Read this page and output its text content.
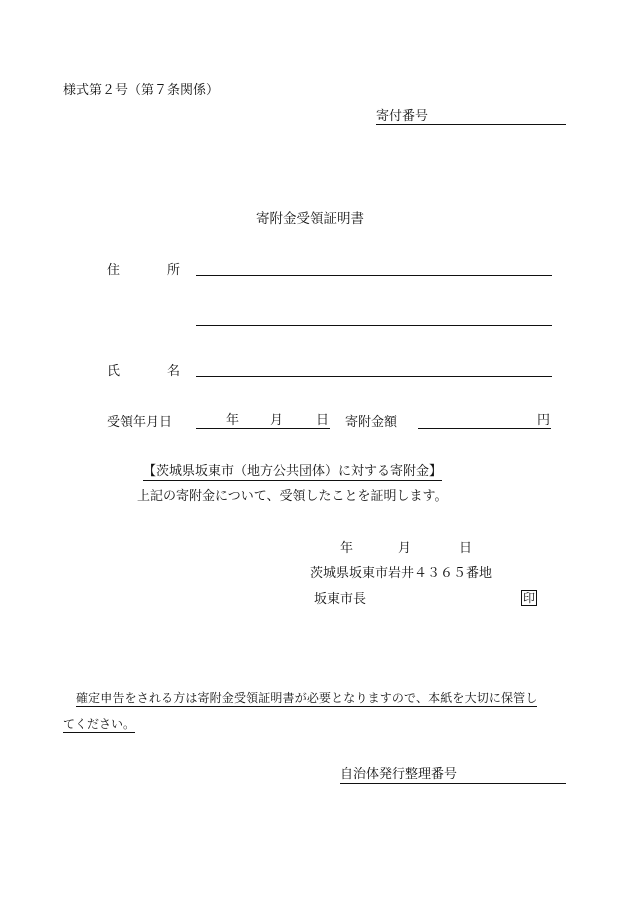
様式第２号（第７条関係）
寄付番号
寄附金受領証明書
住	所
氏	名
受領年月日	年 月	日 寄附金額	円
【茨城県坂東市（地方公共団体）に対する寄附金】
上記の寄附金について、受領したことを証明します。
年	月	日
茨城県坂東市岩井４３６５番地
坂東市長	印
確定申告をされる方は寄附金受領証明書が必要となりますので、本紙を大切に保管し
てください。
自治体発行整理番号
